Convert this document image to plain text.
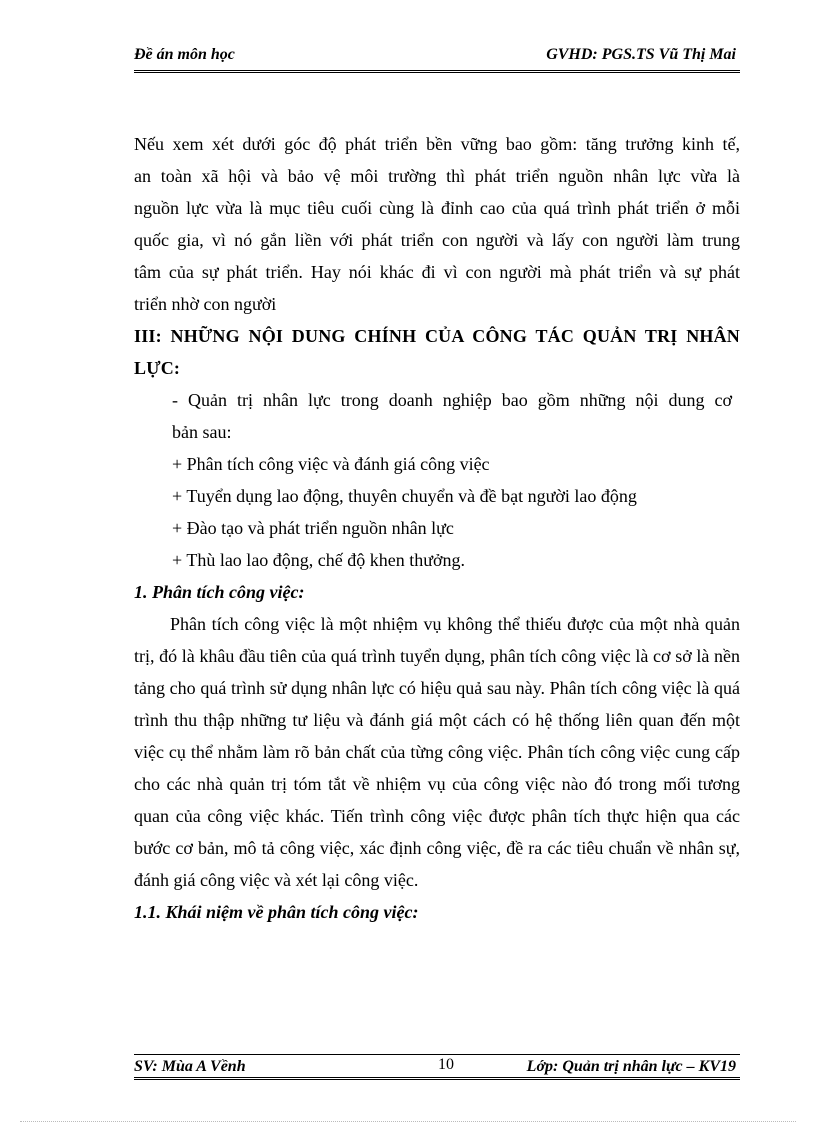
Đề án môn học	GVHD: PGS.TS Vũ Thị Mai

Nếu xem xét dưới góc độ phát triển bền vững bao gồm: tăng trưởng kinh tế,
an toàn xã hội và bảo vệ môi trường thì phát triển nguồn nhân lực vừa là
nguồn lực vừa là mục tiêu cuối cùng là đỉnh cao của quá trình phát triển ở mỗi
quốc gia, vì nó gắn liền với phát triển con người và lấy con người làm trung
tâm của sự phát triển. Hay nói khác đi vì con người mà phát triển và sự phát
triển nhờ con người

III: NHỮNG NỘI DUNG CHÍNH CỦA CÔNG TÁC QUẢN TRỊ NHÂN
LỰC:

- Quản trị nhân lực trong doanh nghiệp bao gồm những nội dung cơ
bản sau:
+ Phân tích công việc và đánh giá công việc
+ Tuyển dụng lao động, thuyên chuyển và đề bạt người lao động
+ Đào tạo và phát triển nguồn nhân lực
+ Thù lao lao động, chế độ khen thưởng.

1. Phân tích công việc:

Phân tích công việc là một nhiệm vụ không thể thiếu được của một nhà quản trị, đó là khâu đầu tiên của quá trình tuyển dụng, phân tích công việc là cơ sở là nền tảng cho quá trình sử dụng nhân lực có hiệu quả sau này. Phân tích công việc là quá trình thu thập những tư liệu và đánh giá một cách có hệ thống liên quan đến một việc cụ thể nhằm làm rõ bản chất của từng công việc. Phân tích công việc cung cấp cho các nhà quản trị tóm tắt về nhiệm vụ của công việc nào đó trong mối tương quan của công việc khác. Tiến trình công việc được phân tích thực hiện qua các bước cơ bản, mô tả công việc, xác định công việc, đề ra các tiêu chuẩn về nhân sự, đánh giá công việc và xét lại công việc.

1.1. Khái niệm về phân tích công việc:

SV: Mùa A Vềnh	10	Lớp: Quản trị nhân lực – KV19
